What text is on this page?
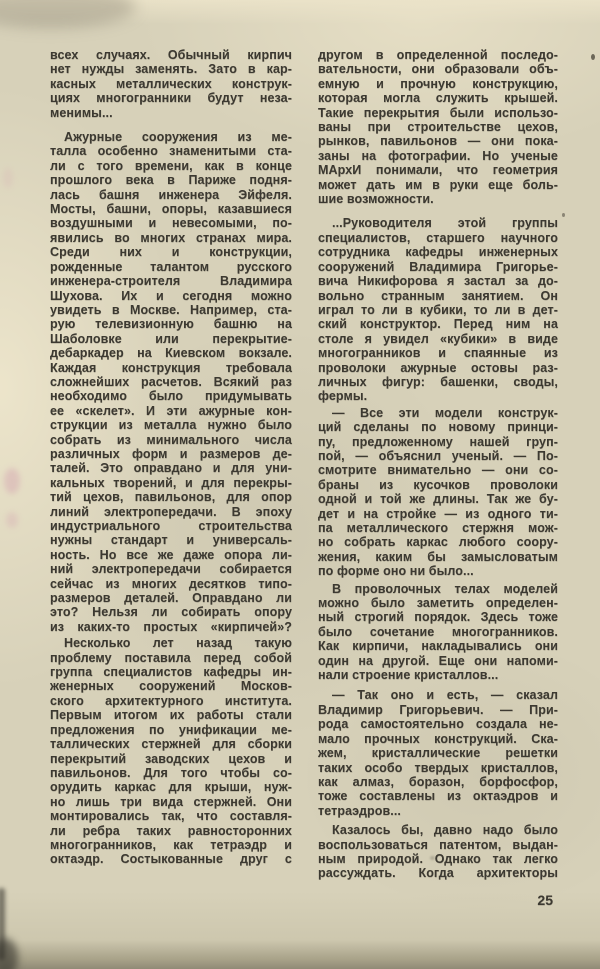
всех случаях. Обычный кирпич
нет нужды заменять. Зато в кар-
касных металлических конструк-
циях многогранники будут неза-
менимы...
Ажурные сооружения из ме-
талла особенно знаменитыми ста-
ли с того времени, как в конце
прошлого века в Париже подня-
лась башня инженера Эйфеля.
Мосты, башни, опоры, казавшиеся
воздушными и невесомыми, по-
явились во многих странах мира.
Среди них и конструкции,
рожденные талантом русского
инженера-строителя Владимира
Шухова. Их и сегодня можно
увидеть в Москве. Например, ста-
рую телевизионную башню на
Шаболовке или перекрытие-
дебаркадер на Киевском вокзале.
Каждая конструкция требовала
сложнейших расчетов. Всякий раз
необходимо было придумывать
ее «скелет». И эти ажурные кон-
струкции из металла нужно было
собрать из минимального числа
различных форм и размеров де-
талей. Это оправдано и для уни-
кальных творений, и для перекры-
тий цехов, павильонов, для опор
линий электропередачи. В эпоху
индустриального строительства
нужны стандарт и универсаль-
ность. Но все же даже опора ли-
ний электропередачи собирается
сейчас из многих десятков типо-
размеров деталей. Оправдано ли
это? Нельзя ли собирать опору
из каких-то простых «кирпичей»?
Несколько лет назад такую
проблему поставила перед собой
группа специалистов кафедры ин-
женерных сооружений Москов-
ского архитектурного института.
Первым итогом их работы стали
предложения по унификации ме-
таллических стержней для сборки
перекрытий заводских цехов и
павильонов. Для того чтобы со-
орудить каркас для крыши, нуж-
но лишь три вида стержней. Они
монтировались так, что составля-
ли ребра таких равносторонних
многогранников, как тетраэдр и
октаэдр. Состыкованные друг с
другом в определенной последо-
вательности, они образовали объ-
емную и прочную конструкцию,
которая могла служить крышей.
Такие перекрытия были использо-
ваны при строительстве цехов,
рынков, павильонов — они пока-
заны на фотографии. Но ученые
МАрхИ понимали, что геометрия
может дать им в руки еще боль-
шие возможности.
...Руководителя этой группы
специалистов, старшего научного
сотрудника кафедры инженерных
сооружений Владимира Григорье-
вича Никифорова я застал за до-
вольно странным занятием. Он
играл то ли в кубики, то ли в дет-
ский конструктор. Перед ним на
столе я увидел «кубики» в виде
многогранников и спаянные из
проволоки ажурные остовы раз-
личных фигур: башенки, своды,
фермы.
— Все эти модели конструк-
ций сделаны по новому принци-
пу, предложенному нашей груп-
пой, — объяснил ученый. — По-
смотрите внимательно — они со-
браны из кусочков проволоки
одной и той же длины. Так же бу-
дет и на стройке — из одного ти-
па металлического стержня мож-
но собрать каркас любого соору-
жения, каким бы замысловатым
по форме оно ни было...
В проволочных телах моделей
можно было заметить определен-
ный строгий порядок. Здесь тоже
было сочетание многогранников.
Как кирпичи, накладывались они
один на другой. Еще они напоми-
нали строение кристаллов...
— Так оно и есть, — сказал
Владимир Григорьевич. — При-
рода самостоятельно создала не-
мало прочных конструкций. Ска-
жем, кристаллические решетки
таких особо твердых кристаллов,
как алмаз, боразон, борфосфор,
тоже составлены из октаэдров и
тетраэдров...
Казалось бы, давно надо было
воспользоваться патентом, выдан-
ным природой. Однако так легко
рассуждать. Когда архитекторы
25
